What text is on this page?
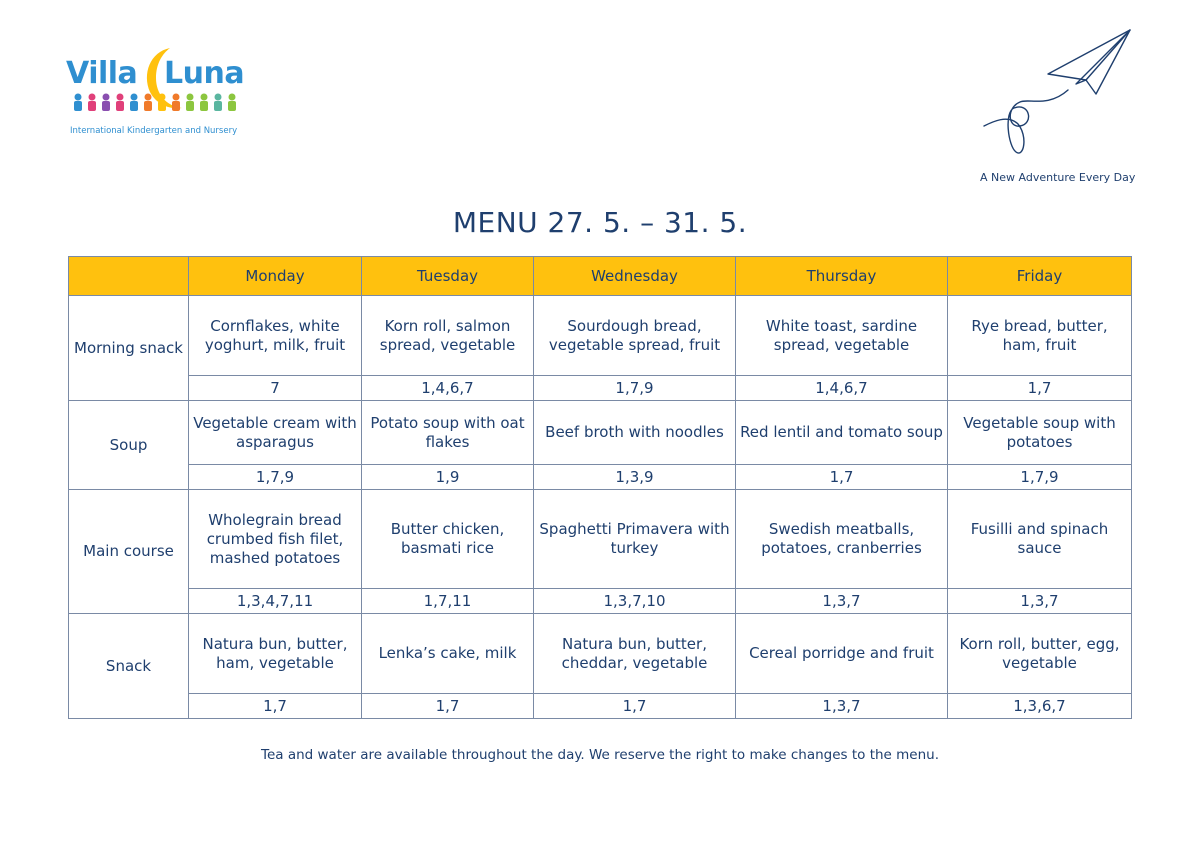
Villa Luna
International Kindergarten and Nursery
A New Adventure Every Day
MENU 27. 5. – 31. 5.
	Monday	Tuesday	Wednesday	Thursday	Friday
Morning snack	Cornflakes, white yoghurt, milk, fruit	Korn roll, salmon spread, vegetable	Sourdough bread, vegetable spread, fruit	White toast, sardine spread, vegetable	Rye bread, butter, ham, fruit
	7	1,4,6,7	1,7,9	1,4,6,7	1,7
Soup	Vegetable cream with asparagus	Potato soup with oat flakes	Beef broth with noodles	Red lentil and tomato soup	Vegetable soup with potatoes
	1,7,9	1,9	1,3,9	1,7	1,7,9
Main course	Wholegrain bread crumbed fish filet, mashed potatoes	Butter chicken, basmati rice	Spaghetti Primavera with turkey	Swedish meatballs, potatoes, cranberries	Fusilli and spinach sauce
	1,3,4,7,11	1,7,11	1,3,7,10	1,3,7	1,3,7
Snack	Natura bun, butter, ham, vegetable	Lenka’s cake, milk	Natura bun, butter, cheddar, vegetable	Cereal porridge and fruit	Korn roll, butter, egg, vegetable
	1,7	1,7	1,7	1,3,7	1,3,6,7
Tea and water are available throughout the day. We reserve the right to make changes to the menu.
